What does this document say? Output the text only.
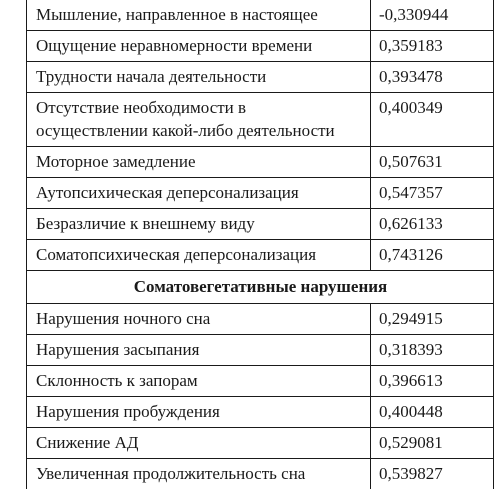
Мышление, направленное в настоящее	-0,330944
Ощущение неравномерности времени	0,359183
Трудности начала деятельности	0,393478
Отсутствие необходимости в осуществлении какой-либо деятельности	0,400349
Моторное замедление	0,507631
Аутопсихическая деперсонализация	0,547357
Безразличие к внешнему виду	0,626133
Соматопсихическая деперсонализация	0,743126
Соматовегетативные нарушения	
Нарушения ночного сна	0,294915
Нарушения засыпания	0,318393
Склонность к запорам	0,396613
Нарушения пробуждения	0,400448
Снижение АД	0,529081
Увеличенная продолжительность сна	0,539827
